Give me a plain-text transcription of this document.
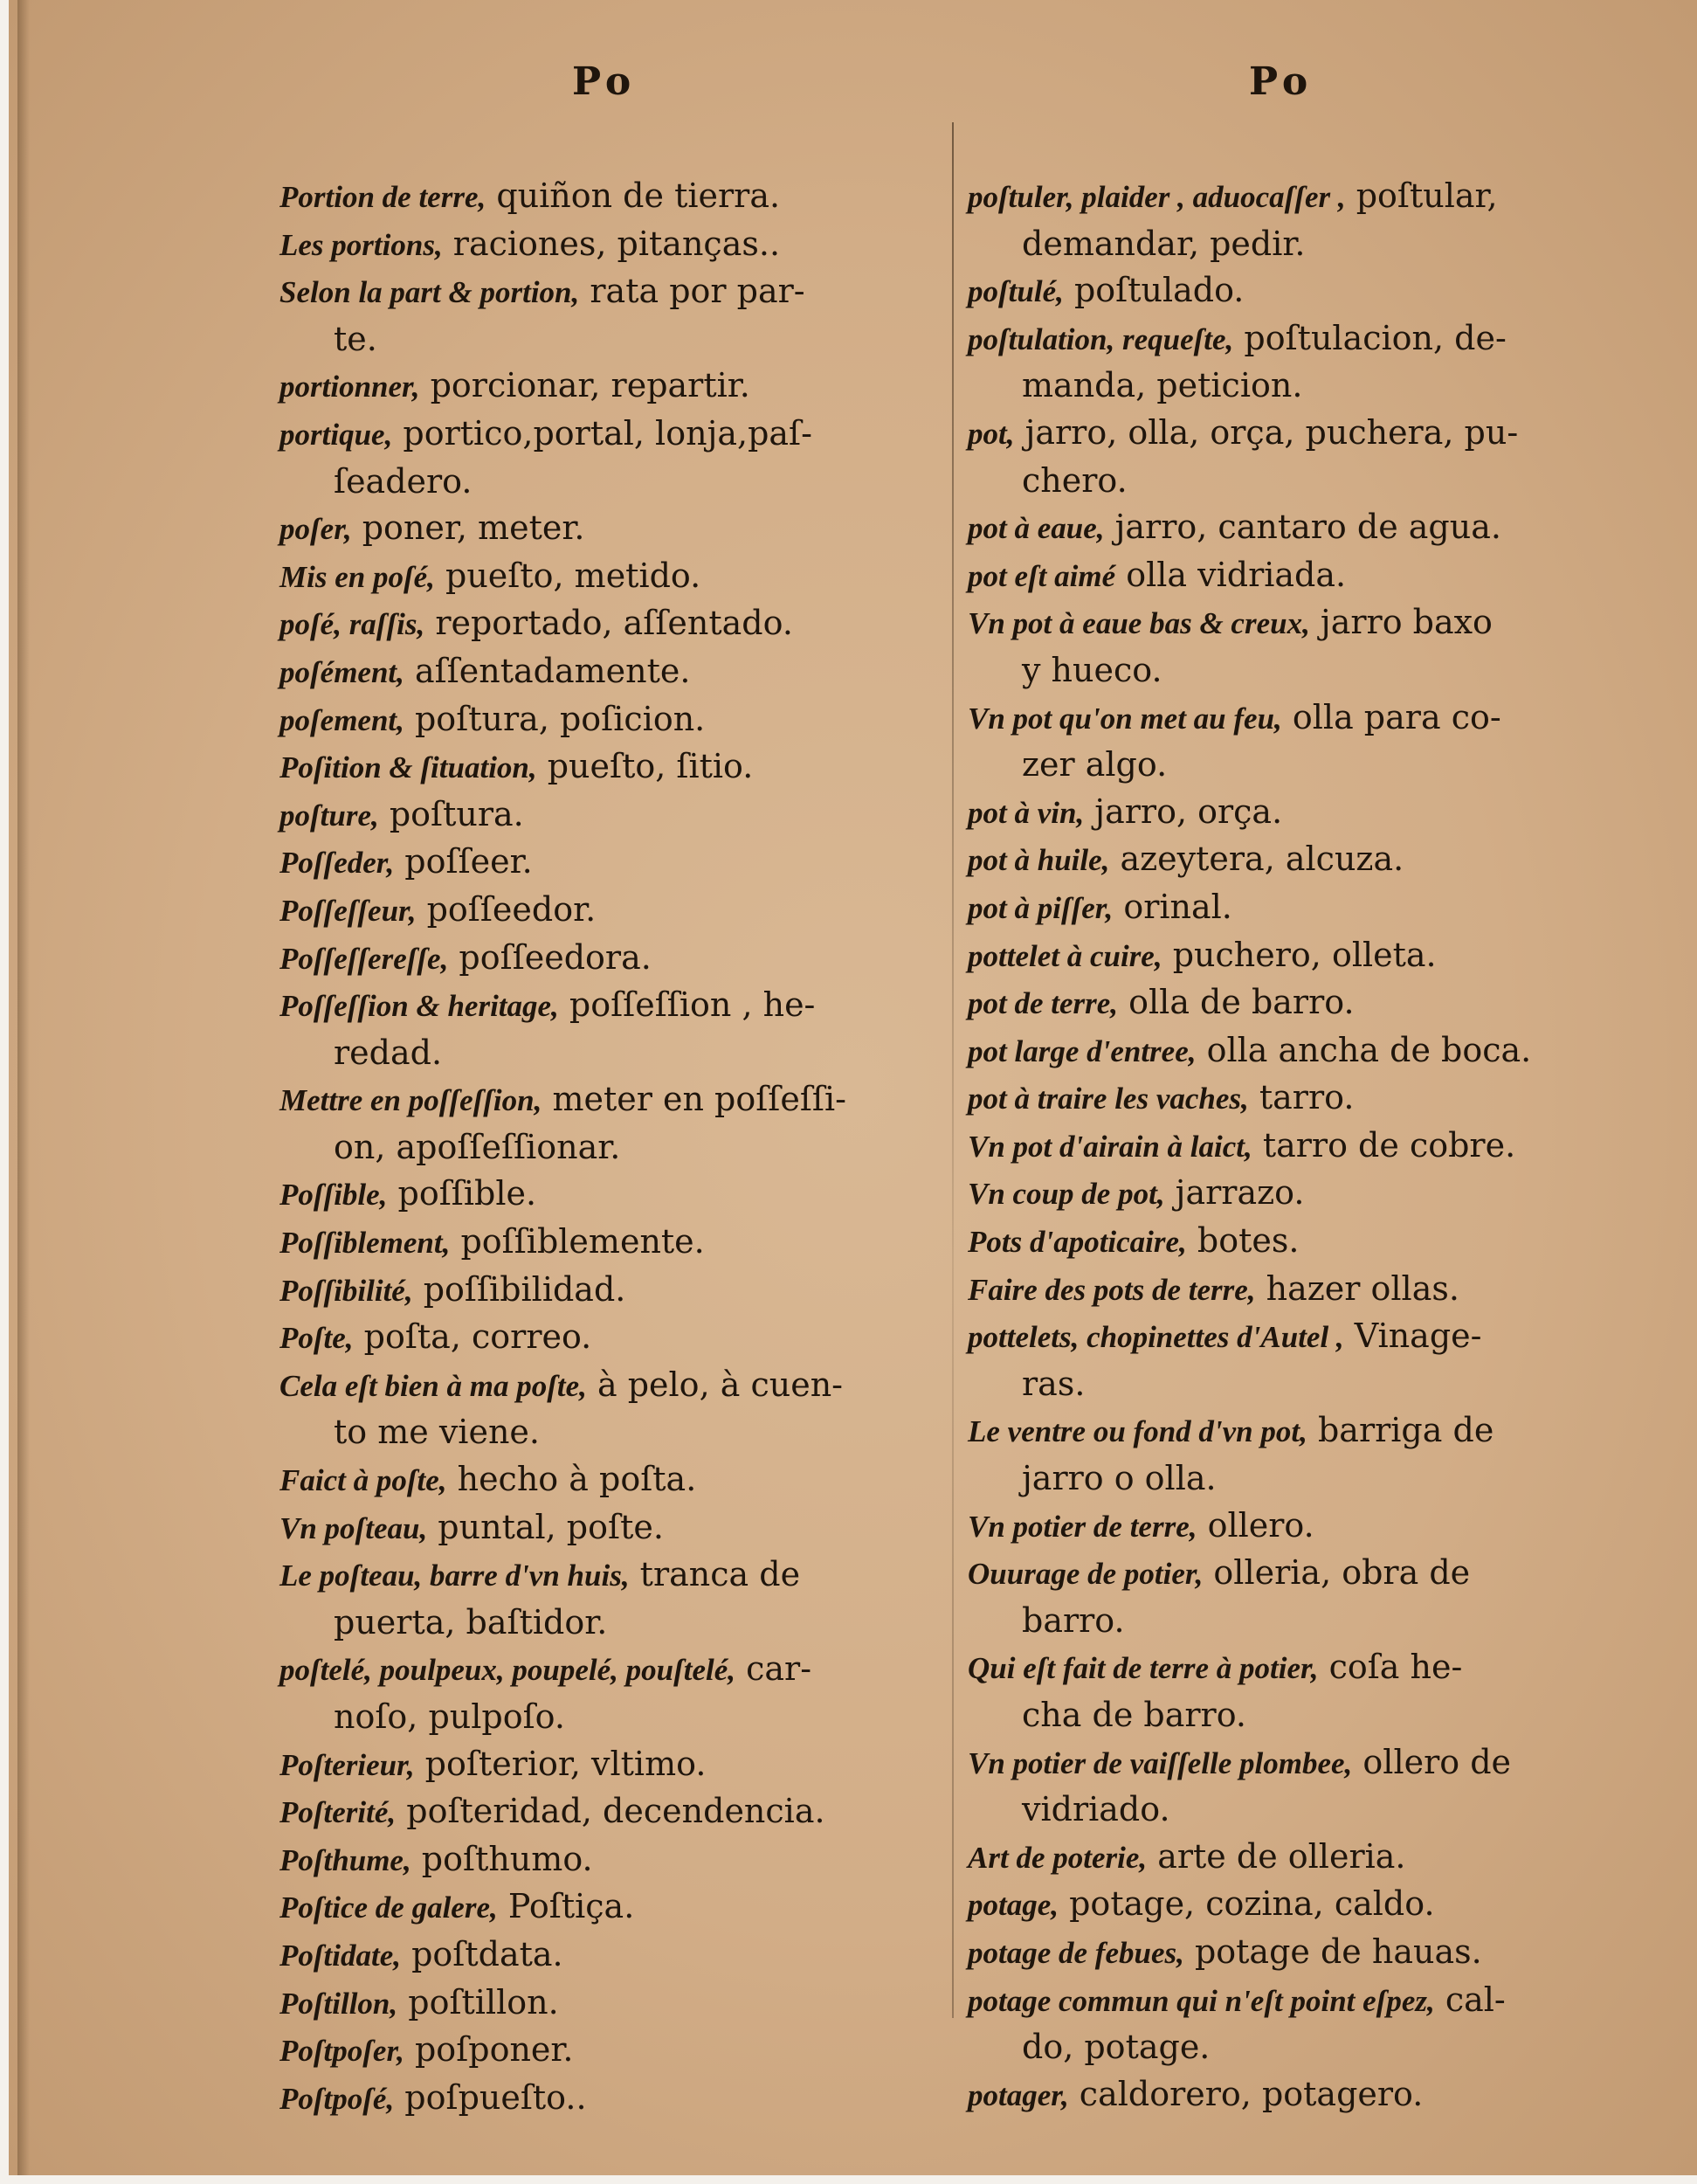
Po	Po

Portion de terre, quiñon de tierra.

Les portions, raciones, pitanças..

Selon la part & portion, rata por par-
te.

portionner, porcionar, repartir.

portique, portico,portal, lonja,paſ-
ſeadero.

poſer, poner, meter.

Mis en poſé, pueſto, metido.

poſé, raſſis, reportado, aſſentado.

poſément, aſſentadamente.

poſement, poſtura, poſicion.

Poſition & ſituation, pueſto, ſitio.

poſture, poſtura.

Poſſeder, poſſeer.

Poſſeſſeur, poſſeedor.

Poſſeſſereſſe, poſſeedora.

Poſſeſſion & heritage, poſſeſſion , he-
redad.

Mettre en poſſeſſion, meter en poſſeſſi-
on, apoſſeſſionar.

Poſſible, poſſible.

Poſſiblement, poſſiblemente.

Poſſibilité, poſſibilidad.

Poſte, poſta, correo.

Cela eſt bien à ma poſte, à pelo, à cuen-
to me viene.

Faict à poſte, hecho à poſta.

Vn poſteau, puntal, poſte.

Le poſteau, barre d'vn huis, tranca de
puerta, baſtidor.

poſtelé, poulpeux, poupelé, pouſtelé, car-
noſo, pulpoſo.

Poſterieur, poſterior, vltimo.

Poſterité, poſteridad, decendencia.

Poſthume, poſthumo.

Poſtice de galere, Poſtiça.

Poſtidate, poſtdata.

Poſtillon, poſtillon.

Poſtpoſer, poſponer.

Poſtpoſé, poſpueſto..

poſtuler, plaider , aduocaſſer , poſtular,
demandar, pedir.

poſtulé, poſtulado.

poſtulation, requeſte, poſtulacion, de-
manda, peticion.

pot, jarro, olla, orça, puchera, pu-
chero.

pot à eaue, jarro, cantaro de agua.

pot eſt aimé olla vidriada.

Vn pot à eaue bas & creux, jarro baxo
y hueco.

Vn pot qu'on met au feu, olla para co-
zer algo.

pot à vin, jarro, orça.

pot à huile, azeytera, alcuza.

pot à piſſer, orinal.

pottelet à cuire, puchero, olleta.

pot de terre, olla de barro.

pot large d'entree, olla ancha de boca.

pot à traire les vaches, tarro.

Vn pot d'airain à laict, tarro de cobre.

Vn coup de pot, jarrazo.

Pots d'apoticaire, botes.

Faire des pots de terre, hazer ollas.

pottelets, chopinettes d'Autel , Vinage-
ras.

Le ventre ou fond d'vn pot, barriga de
jarro o olla.

Vn potier de terre, ollero.

Ouurage de potier, olleria, obra de
barro.

Qui eſt fait de terre à potier, coſa he-
cha de barro.

Vn potier de vaiſſelle plombee, ollero de
vidriado.

Art de poterie, arte de olleria.

potage, potage, cozina, caldo.

potage de febues, potage de hauas.

potage commun qui n'eſt point eſpez, cal-
do, potage.

potager, caldorero, potagero.
